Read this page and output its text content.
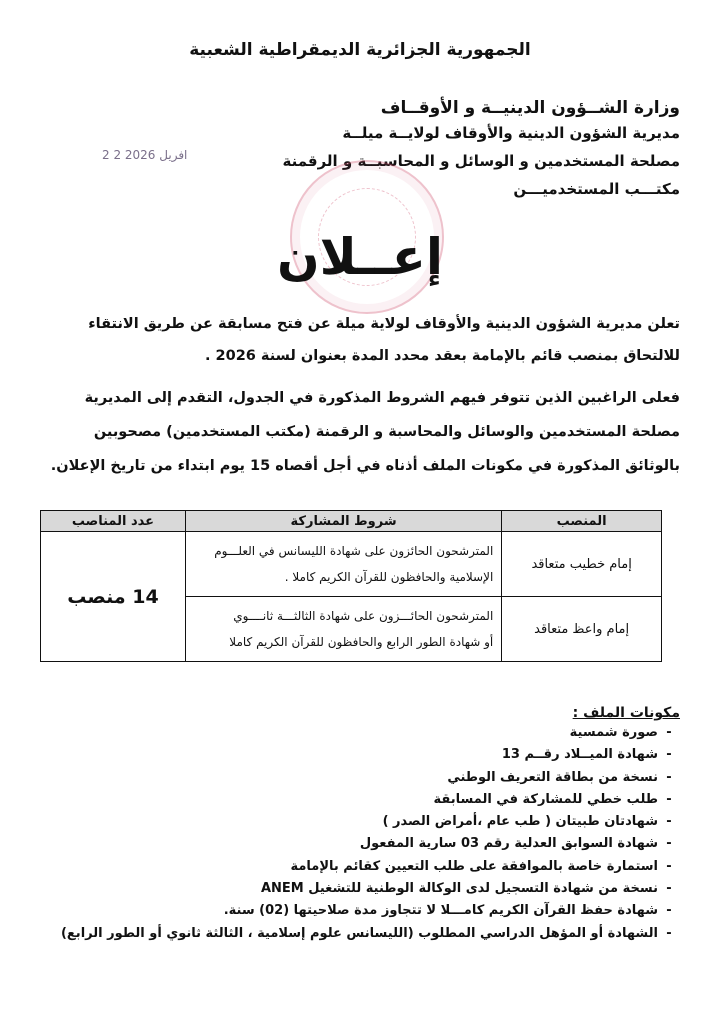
الجمهورية الجزائرية الديمقراطية الشعبية
وزارة الشــؤون الدينيــة و الأوقــاف
مديرية الشؤون الدينية والأوقاف لولايــة ميلــة
مصلحة المستخدمين و الوسائل و المحاسبــة و الرقمنة
مكتـــب المستخدميـــن
2 2 افريل 2026
إعــلان
تعلن مديرية الشؤون الدينية والأوقاف لولاية ميلة عن فتح مسابقة عن طريق الانتقاء
للالتحاق بمنصب قائم بالإمامة بعقد محدد المدة بعنوان لسنة 2026 .
فعلى الراغبين الذين تتوفر فيهم الشروط المذكورة في الجدول، التقدم إلى المديرية
مصلحة المستخدمين والوسائل والمحاسبة و الرقمنة (مكتب المستخدمين) مصحوبين
بالوثائق المذكورة في مكونات الملف أذناه في أجل أقصاه 15 يوم ابتداء من تاريخ الإعلان.
المنصب	شروط المشاركة	عدد المناصب
إمام خطيب متعاقد	المترشحون الحائزون على شهادة الليسانس في العلـــوم
الإسلامية والحافظون للقرآن الكريم كاملا .	14 منصب
إمام واعظ متعاقد	المترشحون الحائـــزون على شهادة الثالثـــة ثانــــوي
أو شهادة الطور الرابع والحافظون للقرآن الكريم كاملا	
مكونات الملف :
-صورة شمسية
-شهادة الميــلاد رقــم 13
-نسخة من بطاقة التعريف الوطني
-طلب خطي للمشاركة في المسابقة
-شهادتان طبيتان ( طب عام ،أمراض الصدر )
-شهادة السوابق العدلية رقم 03 سارية المفعول
-استمارة خاصة بالموافقة على طلب التعيين كقائم بالإمامة
-نسخة من شهادة التسجيل لدى الوكالة الوطنية للتشغيل ANEM
-شهادة حفظ القرآن الكريم كامـــلا لا تتجاوز مدة صلاحيتها (02) سنة.
-الشهادة أو المؤهل الدراسي المطلوب (الليسانس علوم إسلامية ، الثالثة ثانوي أو الطور الرابع)
